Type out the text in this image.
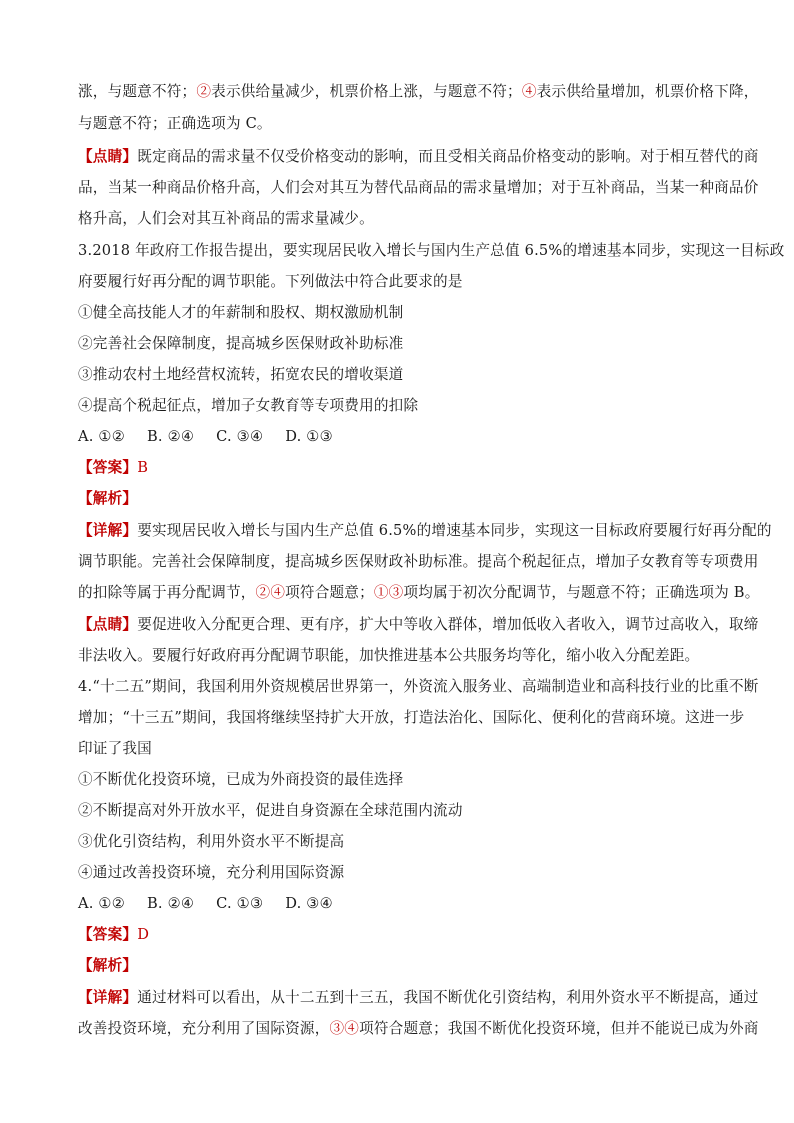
涨，与题意不符；②表示供给量减少，机票价格上涨，与题意不符；④表示供给量增加，机票价格下降，
与题意不符；正确选项为 C。
【点睛】既定商品的需求量不仅受价格变动的影响，而且受相关商品价格变动的影响。对于相互替代的商
品，当某一种商品价格升高，人们会对其互为替代品商品的需求量增加；对于互补商品，当某一种商品价
格升高，人们会对其互补商品的需求量减少。
3.2018 年政府工作报告提出，要实现居民收入增长与国内生产总值 6.5%的增速基本同步，实现这一目标政
府要履行好再分配的调节职能。下列做法中符合此要求的是
①健全高技能人才的年薪制和股权、期权激励机制
②完善社会保障制度，提高城乡医保财政补助标准
③推动农村土地经营权流转，拓宽农民的增收渠道
④提高个税起征点，增加子女教育等专项费用的扣除
A. ①② B. ②④ C. ③④ D. ①③
【答案】B
【解析】
【详解】要实现居民收入增长与国内生产总值 6.5%的增速基本同步，实现这一目标政府要履行好再分配的
调节职能。完善社会保障制度，提高城乡医保财政补助标准。提高个税起征点，增加子女教育等专项费用
的扣除等属于再分配调节，②④项符合题意；①③项均属于初次分配调节，与题意不符；正确选项为 B。
【点睛】要促进收入分配更合理、更有序，扩大中等收入群体，增加低收入者收入，调节过高收入，取缔
非法收入。要履行好政府再分配调节职能，加快推进基本公共服务均等化，缩小收入分配差距。
4.“十二五”期间，我国利用外资规模居世界第一，外资流入服务业、高端制造业和高科技行业的比重不断
增加；“十三五”期间，我国将继续坚持扩大开放，打造法治化、国际化、便利化的营商环境。这进一步
印证了我国
①不断优化投资环境，已成为外商投资的最佳选择
②不断提高对外开放水平，促进自身资源在全球范围内流动
③优化引资结构，利用外资水平不断提高
④通过改善投资环境，充分利用国际资源
A. ①② B. ②④ C. ①③ D. ③④
【答案】D
【解析】
【详解】通过材料可以看出，从十二五到十三五，我国不断优化引资结构，利用外资水平不断提高，通过
改善投资环境，充分利用了国际资源，③④项符合题意；我国不断优化投资环境，但并不能说已成为外商
